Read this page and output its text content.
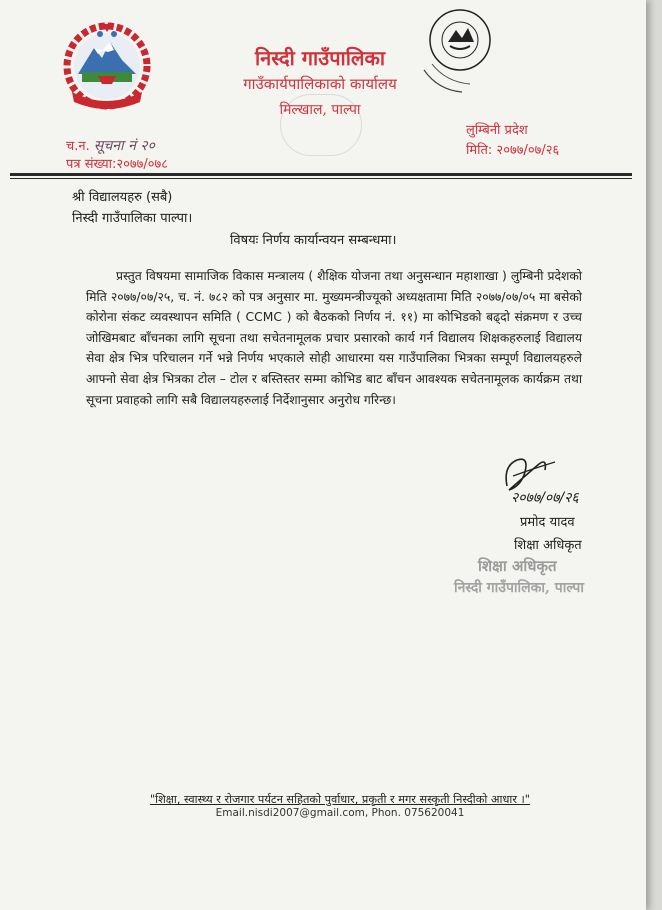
निस्दी गाउँपालिका
गाउँकार्यपालिकाको कार्यालय
मिल्खाल, पाल्पा
च.न. सूचना नं २०
पत्र संख्या:२०७७/०७८
लुम्बिनी प्रदेश
मिति: २०७७/०७/२६
श्री विद्यालयहरु (सबै)
निस्दी गाउँपालिका पाल्पा।
विषयः निर्णय कार्यान्वयन सम्बन्धमा।
प्रस्तुत विषयमा सामाजिक विकास मन्त्रालय ( शैक्षिक योजना तथा अनुसन्धान महाशाखा ) लुम्बिनी प्रदेशको मिति २०७७/०७/२५, च. नं. ७८२ को पत्र अनुसार मा. मुख्यमन्त्रीज्यूको अध्यक्षतामा मिति २०७७/०७/०५ मा बसेको कोरोना संकट व्यवस्थापन समिति ( CCMC ) को बैठकको निर्णय नं. ११) मा कोभिडको बढ्दो संक्रमण र उच्च जोखिमबाट बाँचनका लागि सूचना तथा सचेतनामूलक प्रचार प्रसारको कार्य गर्न विद्यालय शिक्षकहरुलाई विद्यालय सेवा क्षेत्र भित्र परिचालन गर्ने भन्ने निर्णय भएकाले सोही आधारमा यस गाउँपालिका भित्रका सम्पूर्ण विद्यालयहरुले आफ्नो सेवा क्षेत्र भित्रका टोल – टोल र बस्तिस्तर सम्मा कोभिड बाट बाँचन आवश्यक सचेतनामूलक कार्यक्रम तथा सूचना प्रवाहको लागि सबै विद्यालयहरुलाई निर्देशानुसार अनुरोध गरिन्छ।
२०७७/०७/२६
प्रमोद यादव
शिक्षा अधिकृत
शिक्षा अधिकृत
निस्दी गाउँपालिका, पाल्पा
"शिक्षा, स्वास्थ्य र रोजगार पर्यटन सहितको पुर्वाधार, प्रकृती र मगर सस्कृती निस्दीको आधार ।"
Email.nisdi2007@gmail.com, Phon. 075620041
